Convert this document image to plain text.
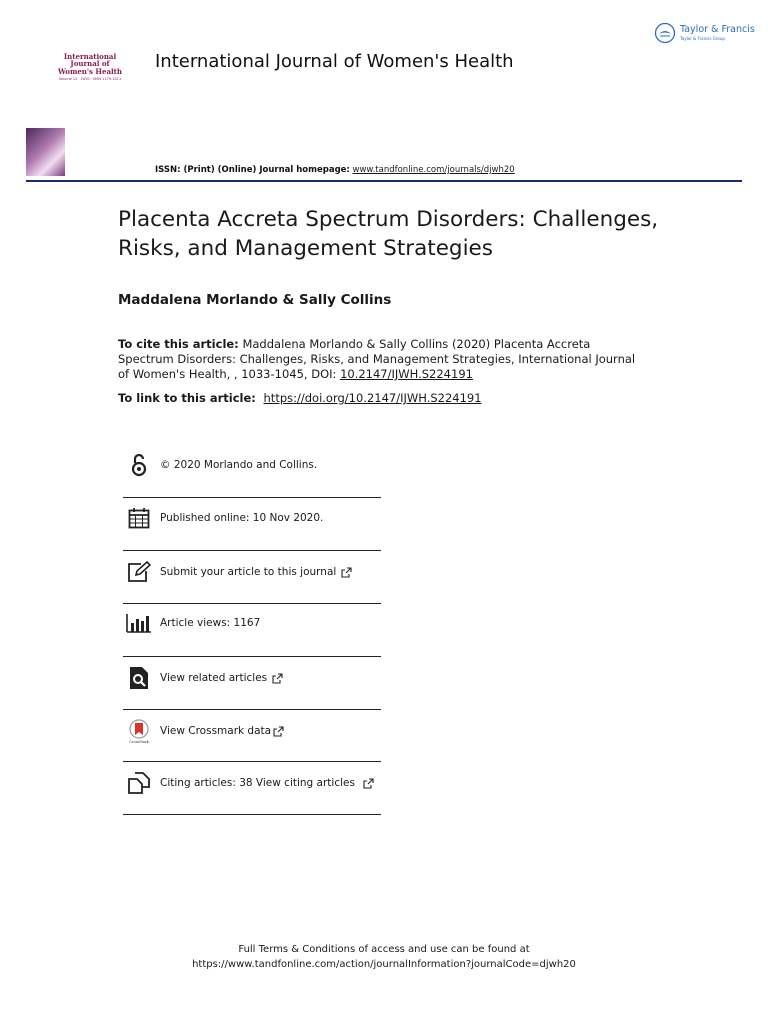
Taylor & Francis
Taylor & Francis Group
International
Journal of
Women's Health
Volume 12 · 2020 · ISSN 1179-1411
International Journal of Women's Health
ISSN: (Print) (Online) Journal homepage: www.tandfonline.com/journals/djwh20
Placenta Accreta Spectrum Disorders: Challenges, Risks, and Management Strategies
Maddalena Morlando & Sally Collins
To cite this article: Maddalena Morlando & Sally Collins (2020) Placenta Accreta Spectrum Disorders: Challenges, Risks, and Management Strategies, International Journal of Women's Health, , 1033-1045, DOI: 10.2147/IJWH.S224191
To link to this article: https://doi.org/10.2147/IJWH.S224191
© 2020 Morlando and Collins.
Published online: 10 Nov 2020.
Submit your article to this journal
Article views: 1167
View related articles
CrossMark
View Crossmark data
Citing articles: 38 View citing articles
Full Terms & Conditions of access and use can be found at
https://www.tandfonline.com/action/journalInformation?journalCode=djwh20
